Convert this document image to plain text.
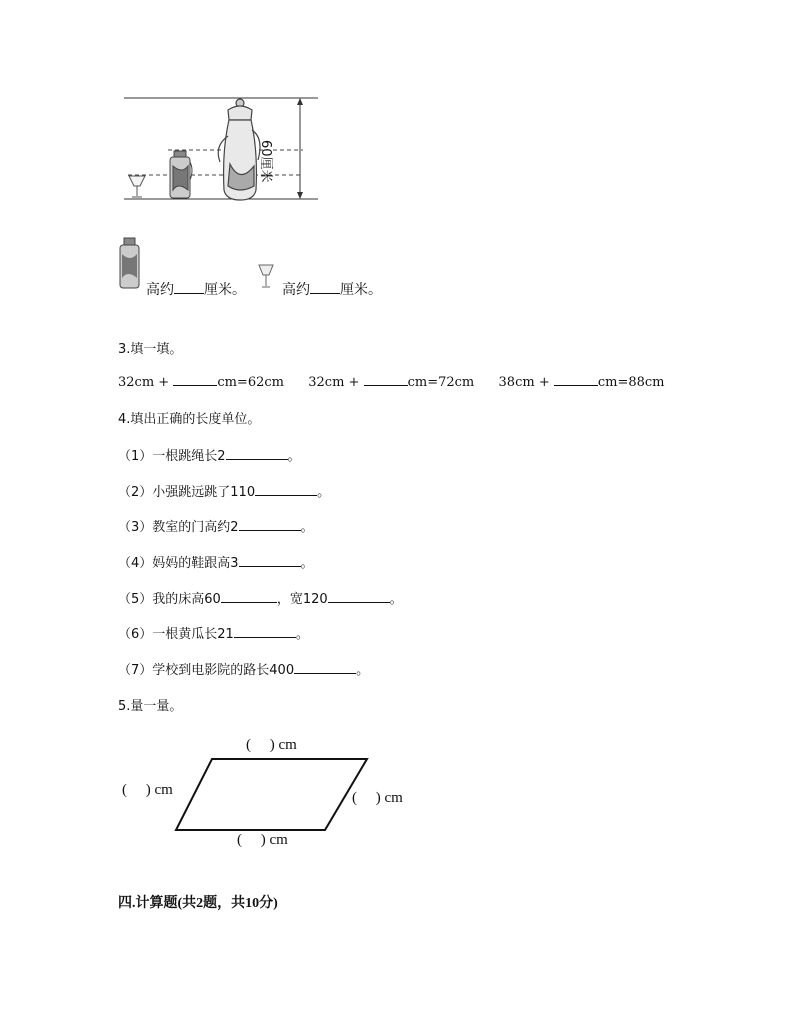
60厘米
高约 厘米。	高约 厘米。
3.填一填。
32cm +	cm=62cm 32cm +	cm=72cm 38cm +	cm=88cm
4.填出正确的长度单位。
（1）一根跳绳长2	。
（2）小强跳远跳了110	。
（3）教室的门高约2	。
（4）妈妈的鞋跟高3	。
（5）我的床高60	，宽120	。
（6）一根黄瓜长21	。
（7）学校到电影院的路长400	。
5.量一量。
(     ) cm
(     ) cm	(     ) cm
(     ) cm
四.计算题(共2题，共10分)
